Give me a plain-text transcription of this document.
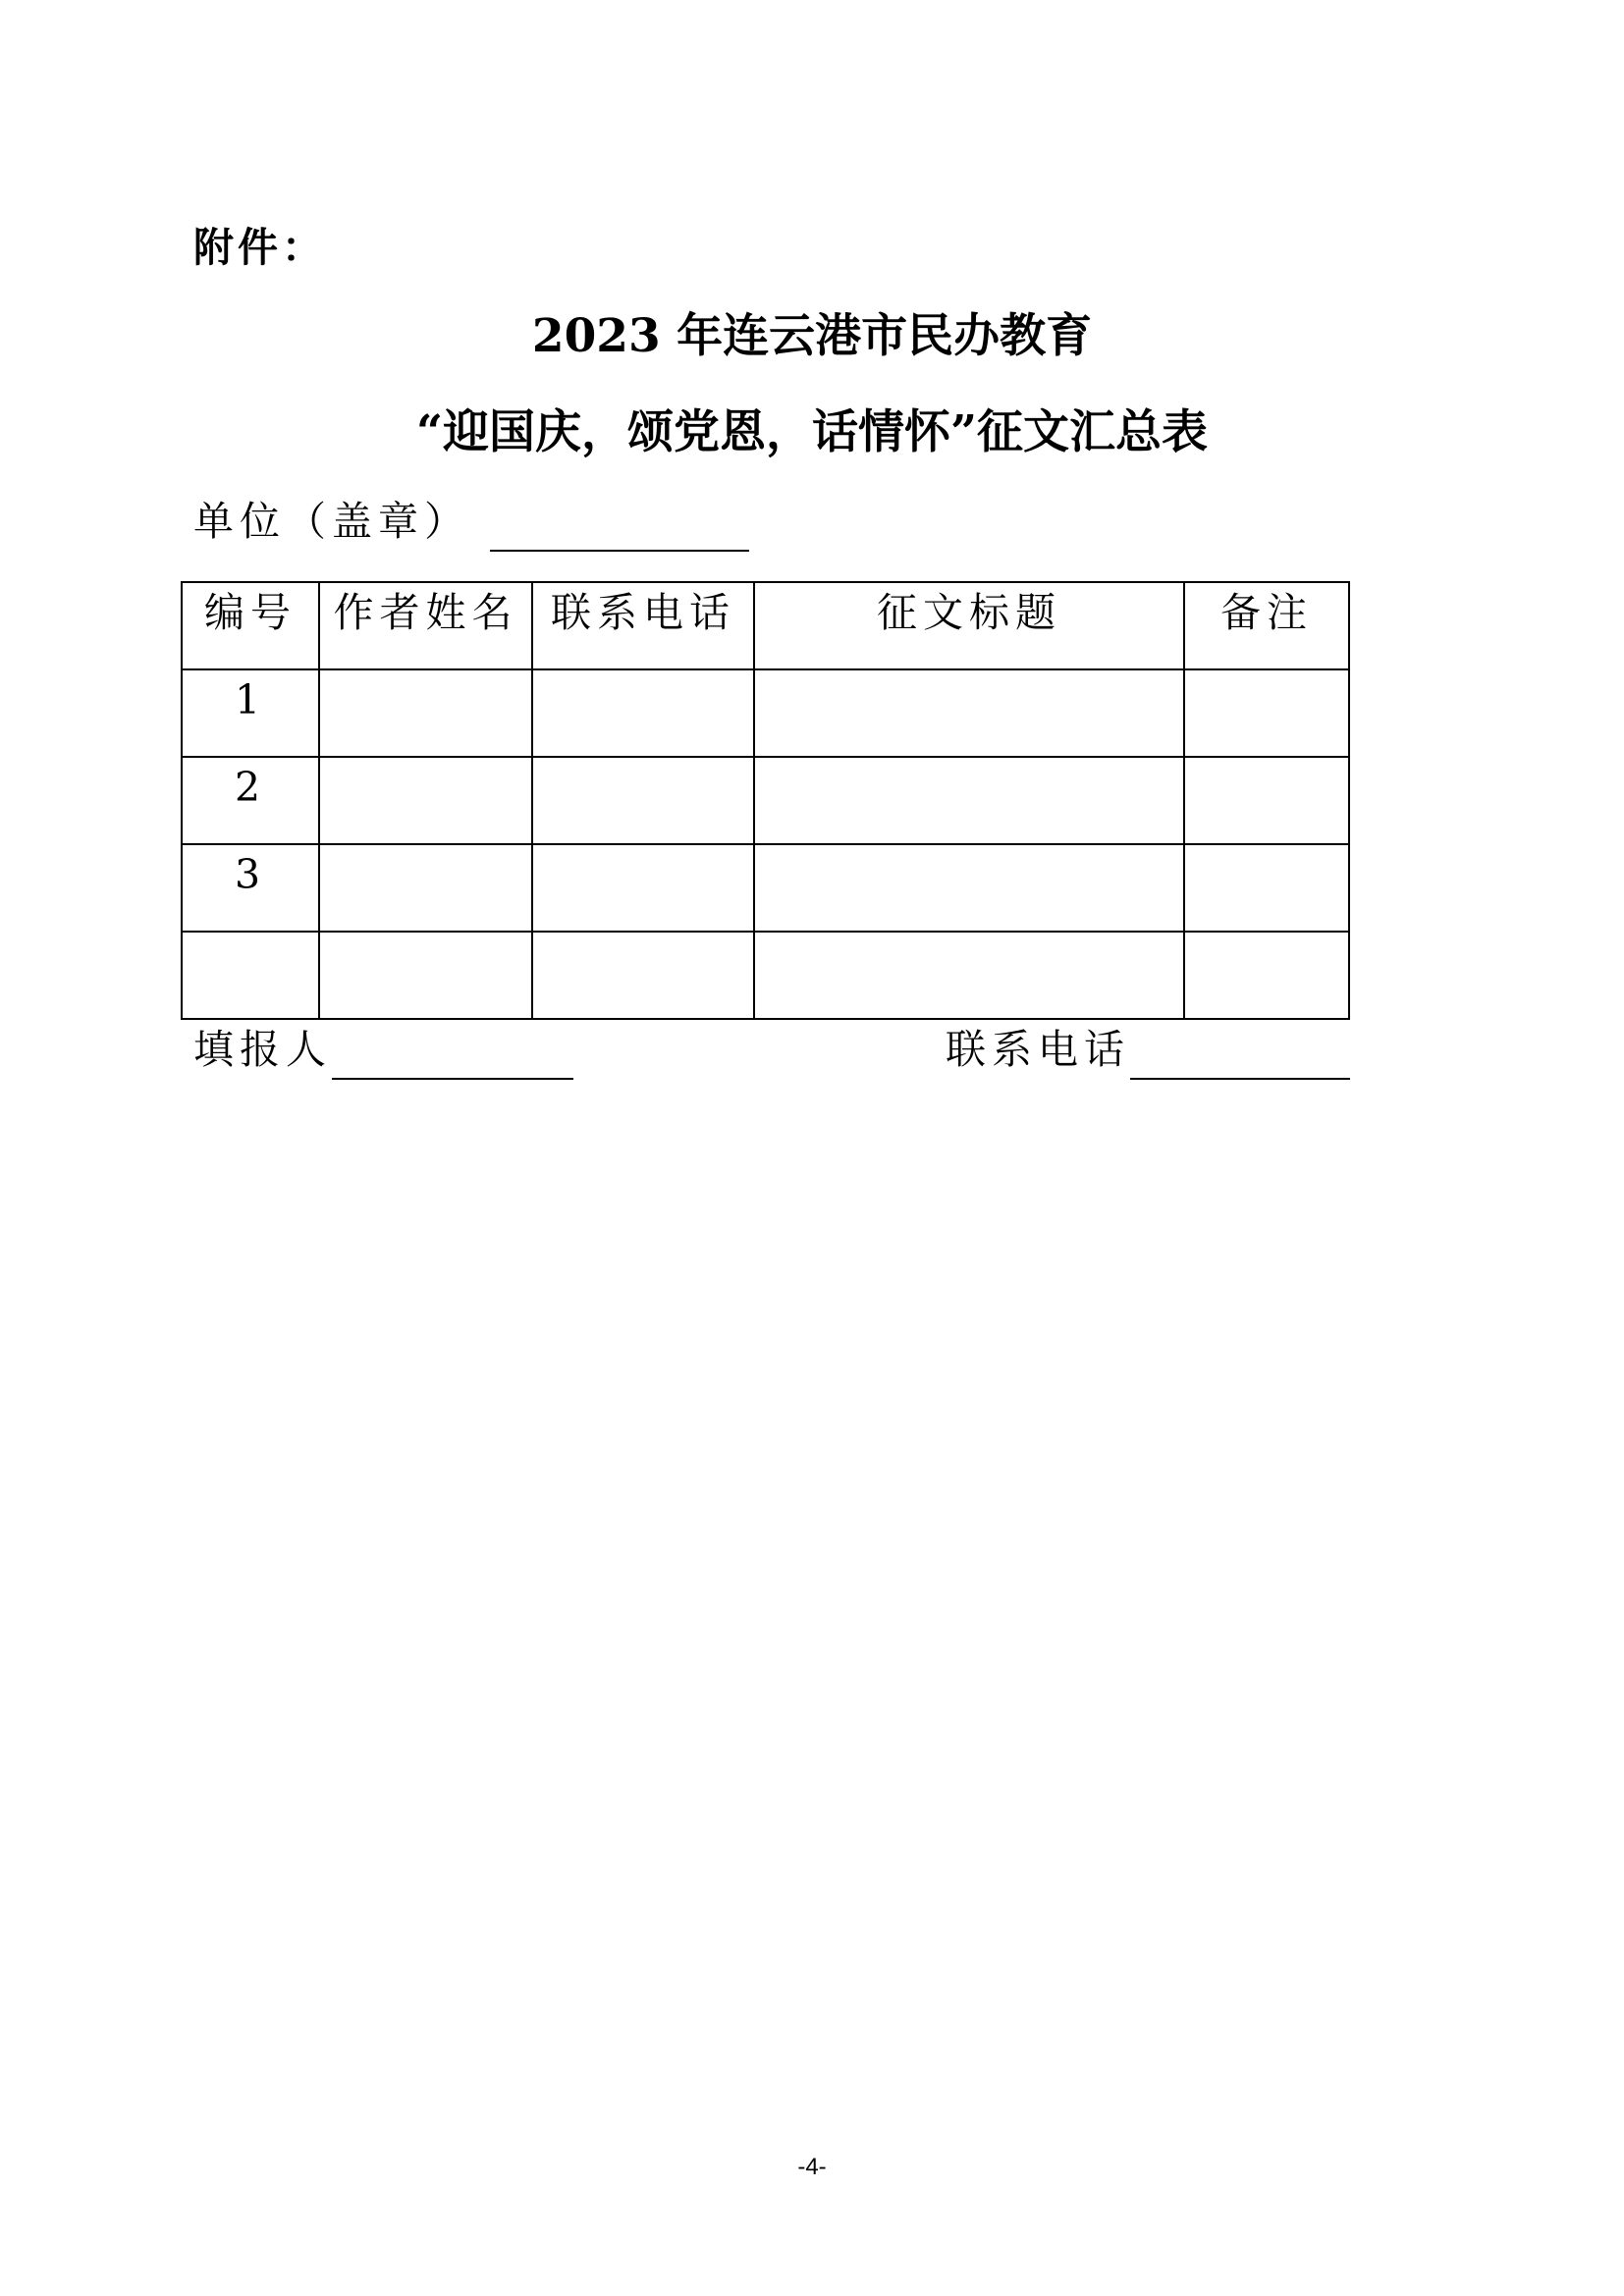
附件：
2023 年连云港市民办教育
“迎国庆，颂党恩，话情怀”征文汇总表
单位（盖章）
编号	作者姓名	联系电话	征文标题	备注
1				
2				
3				

填报人	联系电话
-4-
